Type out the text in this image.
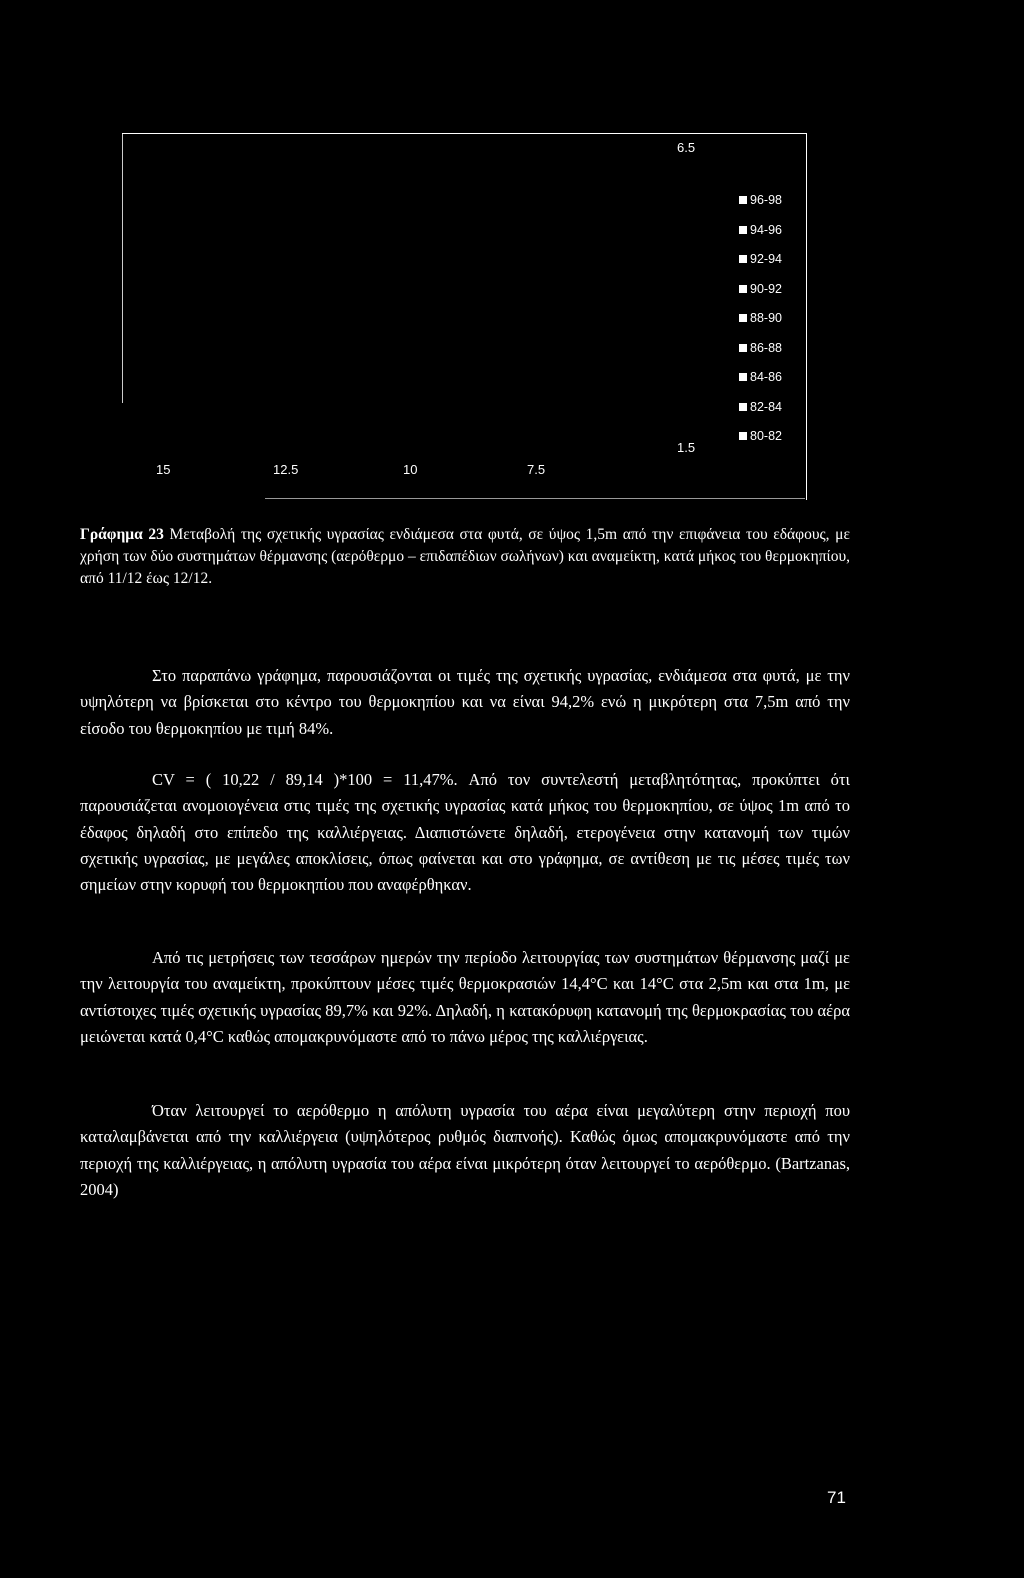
6.5
1.5
15	12.5	10	7.5
96-98
94-96
92-94
90-92
88-90
86-88
84-86
82-84
80-82
Γράφημα 23 Μεταβολή της σχετικής υγρασίας ενδιάμεσα στα φυτά, σε ύψος 1,5m από την επιφάνεια του εδάφους, με χρήση των δύο συστημάτων θέρμανσης (αερόθερμο – επιδαπέδιων σωλήνων) και αναμείκτη, κατά μήκος του θερμοκηπίου, από 11/12 έως 12/12.

Στο παραπάνω γράφημα, παρουσιάζονται οι τιμές της σχετικής υγρασίας, ενδιάμεσα στα φυτά, με την υψηλότερη να βρίσκεται στο κέντρο του θερμοκηπίου και να είναι 94,2% ενώ η μικρότερη στα 7,5m από την είσοδο του θερμοκηπίου με τιμή 84%.

CV = ( 10,22 / 89,14 )*100 = 11,47%. Από τον συντελεστή μεταβλητότητας, προκύπτει ότι παρουσιάζεται ανομοιογένεια στις τιμές της σχετικής υγρασίας κατά μήκος του θερμοκηπίου, σε ύψος 1m από το έδαφος δηλαδή στο επίπεδο της καλλιέργειας. Διαπιστώνετε δηλαδή, ετερογένεια στην κατανομή των τιμών σχετικής υγρασίας, με μεγάλες αποκλίσεις, όπως φαίνεται και στο γράφημα, σε αντίθεση με τις μέσες τιμές των σημείων στην κορυφή του θερμοκηπίου που αναφέρθηκαν.

Από τις μετρήσεις των τεσσάρων ημερών την περίοδο λειτουργίας των συστημάτων θέρμανσης μαζί με την λειτουργία του αναμείκτη, προκύπτουν μέσες τιμές θερμοκρασιών 14,4°C και 14°C στα 2,5m και στα 1m, με αντίστοιχες τιμές σχετικής υγρασίας 89,7% και 92%. Δηλαδή, η κατακόρυφη κατανομή της θερμοκρασίας του αέρα μειώνεται κατά 0,4°C καθώς απομακρυνόμαστε από το πάνω μέρος της καλλιέργειας.

Όταν λειτουργεί το αερόθερμο η απόλυτη υγρασία του αέρα είναι μεγαλύτερη στην περιοχή που καταλαμβάνεται από την καλλιέργεια (υψηλότερος ρυθμός διαπνοής). Καθώς όμως απομακρυνόμαστε από την περιοχή της καλλιέργειας, η απόλυτη υγρασία του αέρα είναι μικρότερη όταν λειτουργεί το αερόθερμο. (Bartzanas, 2004)

71
